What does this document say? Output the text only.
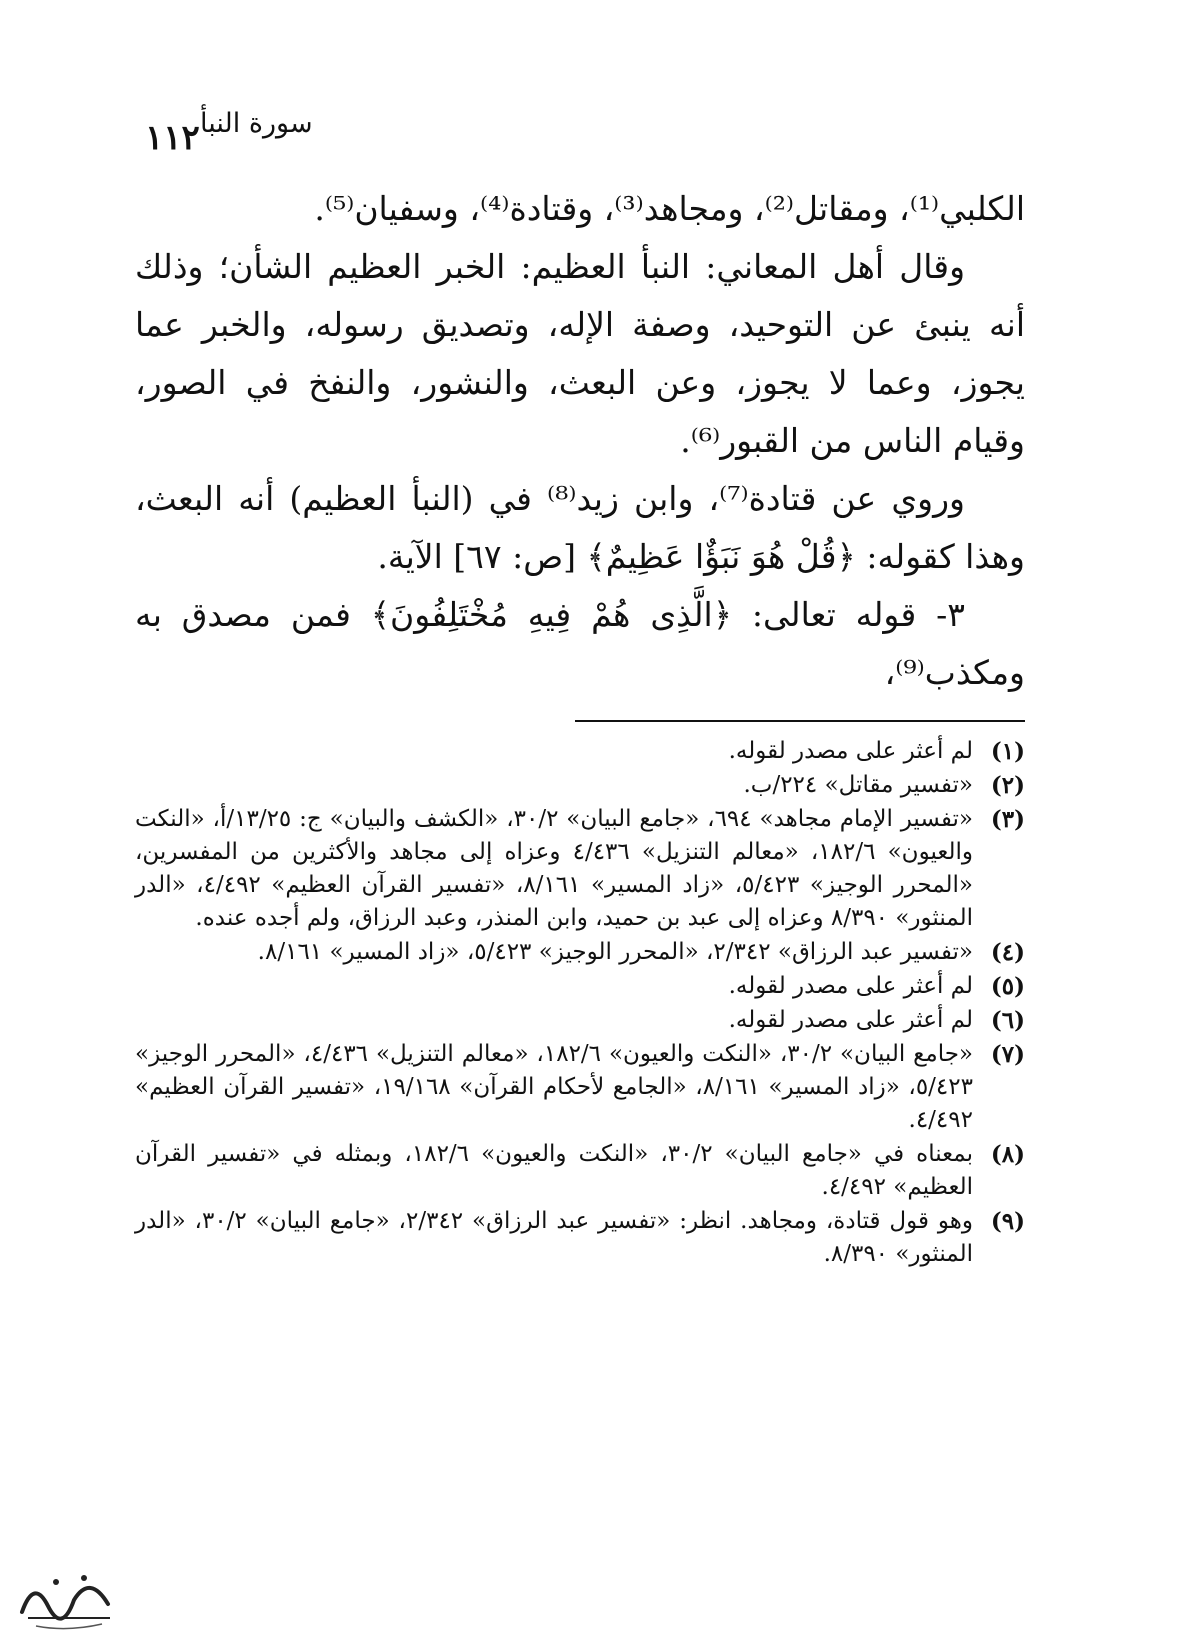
١١٢ سورة النبأ

الكلبي⁽¹⁾، ومقاتل⁽²⁾، ومجاهد⁽³⁾، وقتادة⁽⁴⁾، وسفيان⁽⁵⁾.

وقال أهل المعاني: النبأ العظيم: الخبر العظيم الشأن؛ وذلك أنه ينبئ عن التوحيد، وصفة الإله، وتصديق رسوله، والخبر عما يجوز، وعما لا يجوز، وعن البعث، والنشور، والنفخ في الصور، وقيام الناس من القبور⁽⁶⁾.

وروي عن قتادة⁽⁷⁾، وابن زيد⁽⁸⁾ في (النبأ العظيم) أنه البعث، وهذا كقوله: ﴿قُلْ هُوَ نَبَؤٌا عَظِيمٌ﴾ [ص: ٦٧] الآية.

٣- قوله تعالى: ﴿الَّذِى هُمْ فِيهِ مُخْتَلِفُونَ﴾ فمن مصدق به ومكذب⁽⁹⁾،

(١)
لم أعثر على مصدر لقوله.
(٢)
«تفسير مقاتل» ٢٢٤/ب.
(٣)
«تفسير الإمام مجاهد» ٦٩٤، «جامع البيان» ٣٠/٢، «الكشف والبيان» ج: ١٣/٢٥/أ، «النكت والعيون» ١٨٢/٦، «معالم التنزيل» ٤/٤٣٦ وعزاه إلى مجاهد والأكثرين من المفسرين، «المحرر الوجيز» ٥/٤٢٣، «زاد المسير» ٨/١٦١، «تفسير القرآن العظيم» ٤/٤٩٢، «الدر المنثور» ٨/٣٩٠ وعزاه إلى عبد بن حميد، وابن المنذر، وعبد الرزاق، ولم أجده عنده.
(٤)
«تفسير عبد الرزاق» ٢/٣٤٢، «المحرر الوجيز» ٥/٤٢٣، «زاد المسير» ٨/١٦١.
(٥)
لم أعثر على مصدر لقوله.
(٦)
لم أعثر على مصدر لقوله.
(٧)
«جامع البيان» ٣٠/٢، «النكت والعيون» ١٨٢/٦، «معالم التنزيل» ٤/٤٣٦، «المحرر الوجيز» ٥/٤٢٣، «زاد المسير» ٨/١٦١، «الجامع لأحكام القرآن» ١٩/١٦٨، «تفسير القرآن العظيم» ٤/٤٩٢.
(٨)
بمعناه في «جامع البيان» ٣٠/٢، «النكت والعيون» ١٨٢/٦، وبمثله في «تفسير القرآن العظيم» ٤/٤٩٢.
(٩)
وهو قول قتادة، ومجاهد. انظر: «تفسير عبد الرزاق» ٢/٣٤٢، «جامع البيان» ٣٠/٢، «الدر المنثور» ٨/٣٩٠.
